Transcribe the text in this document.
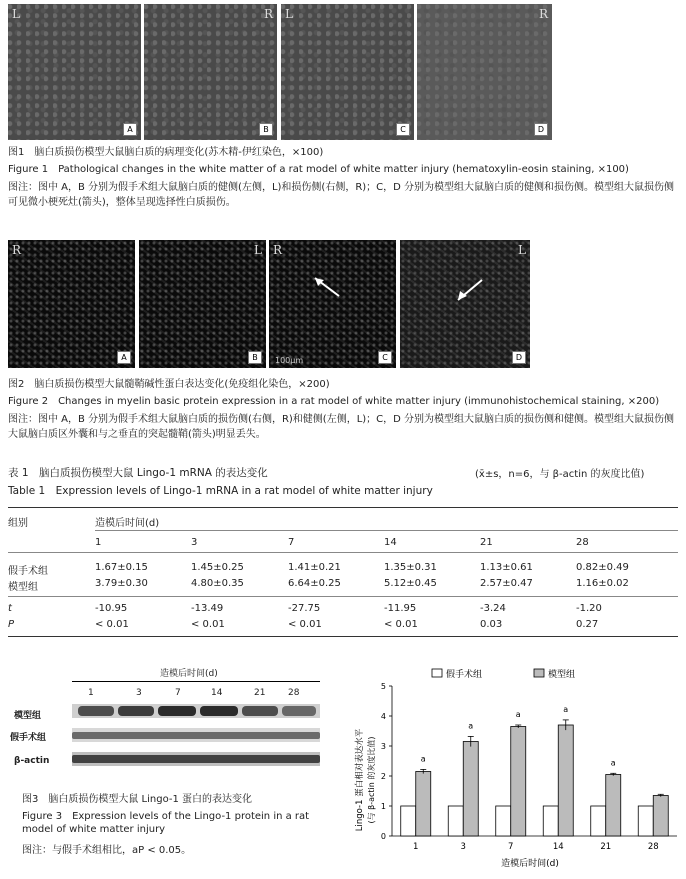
L
A
R
B
L
C
R
D
图1　脑白质损伤模型大鼠脑白质的病理变化(苏木精-伊红染色，×100)
Figure 1　Pathological changes in the white matter of a rat model of white matter injury (hematoxylin-eosin staining, ×100)
图注：图中 A，B 分别为假手术组大鼠脑白质的健侧(左侧，L)和损伤侧(右侧，R)；C，D 分别为模型组大鼠脑白质的健侧和损伤侧。模型组大鼠损伤侧可见微小梗死灶(箭头)，整体呈现选择性白质损伤。
R
A
L
B
R
100μm	C
L
D
图2　脑白质损伤模型大鼠髓鞘碱性蛋白表达变化(免疫组化染色，×200)
Figure 2　Changes in myelin basic protein expression in a rat model of white matter injury (immunohistochemical staining, ×200)
图注：图中 A，B 分别为假手术组大鼠脑白质的损伤侧(右侧，R)和健侧(左侧，L)；C，D 分别为模型组大鼠脑白质的损伤侧和健侧。模型组大鼠损伤侧大鼠脑白质区外囊和与之垂直的突起髓鞘(箭头)明显丢失。
表 1　脑白质损伤模型大鼠 Lingo-1 mRNA 的表达变化	(x̄±s，n=6，与 β-actin 的灰度比值)
Table 1　Expression levels of Lingo-1 mRNA in a rat model of white matter injury
组别	造模后时间(d)
1	3	7	14	21	28
假手术组	1.67±0.15	1.45±0.25	1.41±0.21	1.35±0.31	1.13±0.61	0.82±0.49
模型组	3.79±0.30	4.80±0.35	6.64±0.25	5.12±0.45	2.57±0.47	1.16±0.02
t	-10.95	-13.49	-27.75	-11.95	-3.24	-1.20
P	< 0.01	< 0.01	< 0.01	< 0.01	0.03	0.27
造模后时间(d)
1	3	7	14	21	28
模型组
假手术组
β-actin
图3　脑白质损伤模型大鼠 Lingo-1 蛋白的表达变化
Figure 3　Expression levels of the Lingo-1 protein in a rat
model of white matter injury
图注：与假手术组相比，aP < 0.05。
假手术组	模型组
Lingo-1 蛋白相对表达水平 (与 β-actin 的灰度比值)
造模后时间(d)
0
1
2
3
4
5
a
1
a
3
a
7
a
14
a
21	28
